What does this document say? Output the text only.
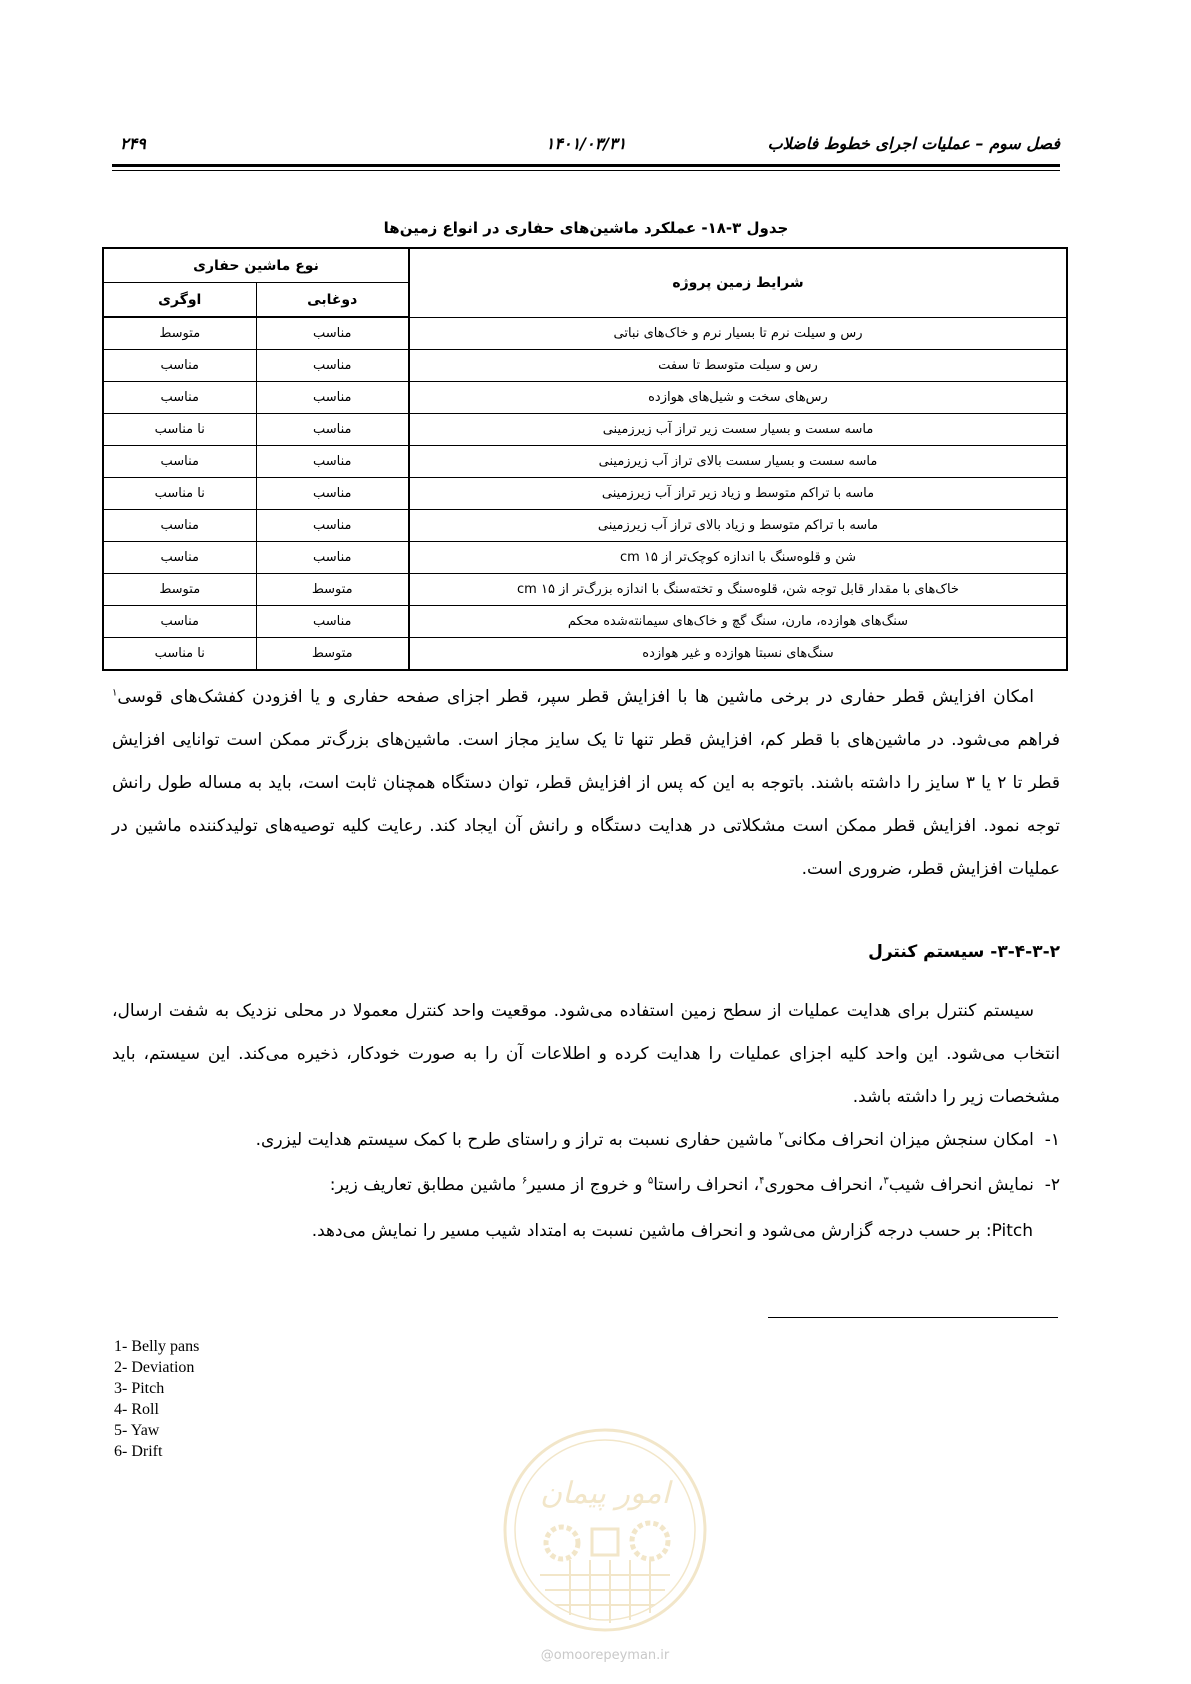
فصل سوم – عملیات اجرای خطوط فاضلاب
۱۴۰۱/۰۳/۳۱
۲۴۹
جدول ۳-۱۸- عملکرد ماشین‌های حفاری در انواع زمین‌ها
شرایط زمین پروژه	نوع ماشین حفاری	
	دوغابی	اوگری
رس و سیلت نرم تا بسیار نرم و خاک‌های نباتی	مناسب	متوسط
رس و سیلت متوسط تا سفت	مناسب	مناسب
رس‌های سخت و شیل‌های هوازده	مناسب	مناسب
ماسه سست و بسیار سست زیر تراز آب زیرزمینی	مناسب	نا مناسب
ماسه سست و بسیار سست بالای تراز آب زیرزمینی	مناسب	مناسب
ماسه با تراکم متوسط و زیاد زیر تراز آب زیرزمینی	مناسب	نا مناسب
ماسه با تراکم متوسط و زیاد بالای تراز آب زیرزمینی	مناسب	مناسب
شن و قلوه‌سنگ با اندازه کوچک‌تر از ۱۵ cm	مناسب	مناسب
خاک‌های با مقدار قابل توجه شن، قلوه‌سنگ و تخته‌سنگ با اندازه بزرگ‌تر از ۱۵ cm	متوسط	متوسط
سنگ‌های هوازده، مارن، سنگ گچ و خاک‌های سیمانته‌شده محکم	مناسب	مناسب
سنگ‌های نسبتا هوازده و غیر هوازده	متوسط	نا مناسب
امکان افزایش قطر حفاری در برخی ماشین ها با افزایش قطر سپر، قطر اجزای صفحه حفاری و یا افزودن کفشک‌های قوسی$^۱$ فراهم می‌شود. در ماشین‌های با قطر کم، افزایش قطر تنها تا یک سایز مجاز است. ماشین‌های بزرگ‌تر ممکن است توانایی افزایش قطر تا ۲ یا ۳ سایز را داشته باشند. باتوجه به این که پس از افزایش قطر، توان دستگاه همچنان ثابت است، باید به مساله طول رانش توجه نمود. افزایش قطر ممکن است مشکلاتی در هدایت دستگاه و رانش آن ایجاد کند. رعایت کلیه توصیه‌های تولیدکننده ماشین در عملیات افزایش قطر، ضروری است.
۳-۴-۳-۲- سیستم کنترل
سیستم کنترل برای هدایت عملیات از سطح زمین استفاده می‌شود. موقعیت واحد کنترل معمولا در محلی نزدیک به شفت ارسال، انتخاب می‌شود. این واحد کلیه اجزای عملیات را هدایت کرده و اطلاعات آن را به صورت خودکار، ذخیره می‌کند. این سیستم، باید مشخصات زیر را داشته باشد.
۱-  امکان سنجش میزان انحراف مکانی$^۲$ ماشین حفاری نسبت به تراز و راستای طرح با کمک سیستم هدایت لیزری.
۲-  نمایش انحراف شیب$^۳$، انحراف محوری$^۴$، انحراف راستا$^۵$ و خروج از مسیر$^۶$ ماشین مطابق تعاریف زیر:
Pitch: بر حسب درجه گزارش می‌شود و انحراف ماشین نسبت به امتداد شیب مسیر را نمایش می‌دهد.
1- Belly pans
2- Deviation
3- Pitch
4- Roll
5- Yaw
6- Drift
امور پیمان
@omoorepeyman.ir
